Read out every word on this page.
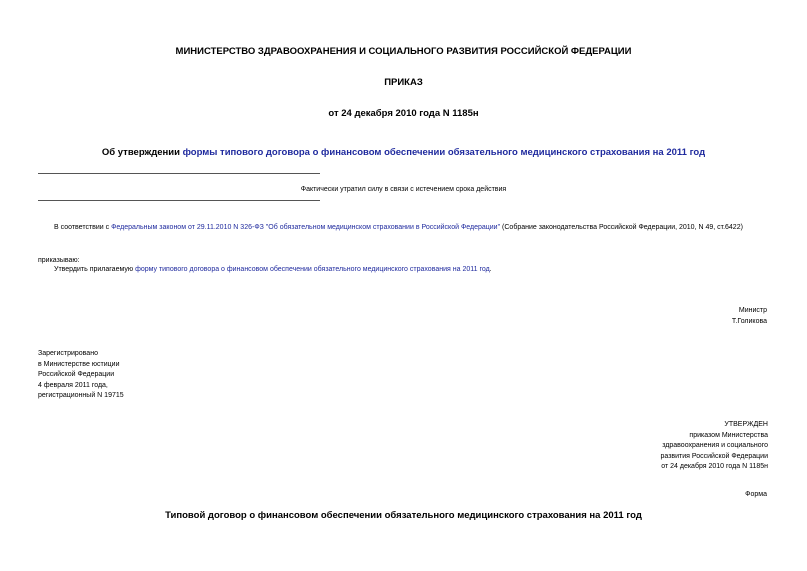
МИНИСТЕРСТВО ЗДРАВООХРАНЕНИЯ И СОЦИАЛЬНОГО РАЗВИТИЯ РОССИЙСКОЙ ФЕДЕРАЦИИ
ПРИКАЗ
от 24 декабря 2010 года N 1185н
Об утверждении формы типового договора о финансовом обеспечении обязательного медицинского страхования на 2011 год
Фактически утратил силу в связи с истечением срока действия
В соответствии с Федеральным законом от 29.11.2010 N 326-ФЗ "Об обязательном медицинском страховании в Российской Федерации" (Собрание законодательства Российской Федерации, 2010, N 49, ст.6422)
приказываю:
Утвердить прилагаемую форму типового договора о финансовом обеспечении обязательного медицинского страхования на 2011 год.
Министр
Т.Голикова
Зарегистрировано
в Министерстве юстиции
Российской Федерации
4 февраля 2011 года,
регистрационный N 19715
УТВЕРЖДЕН
приказом Министерства
здравоохранения и социального
развития Российской Федерации
от 24 декабря 2010 года N 1185н
Форма
Типовой договор о финансовом обеспечении обязательного медицинского страхования на 2011 год
